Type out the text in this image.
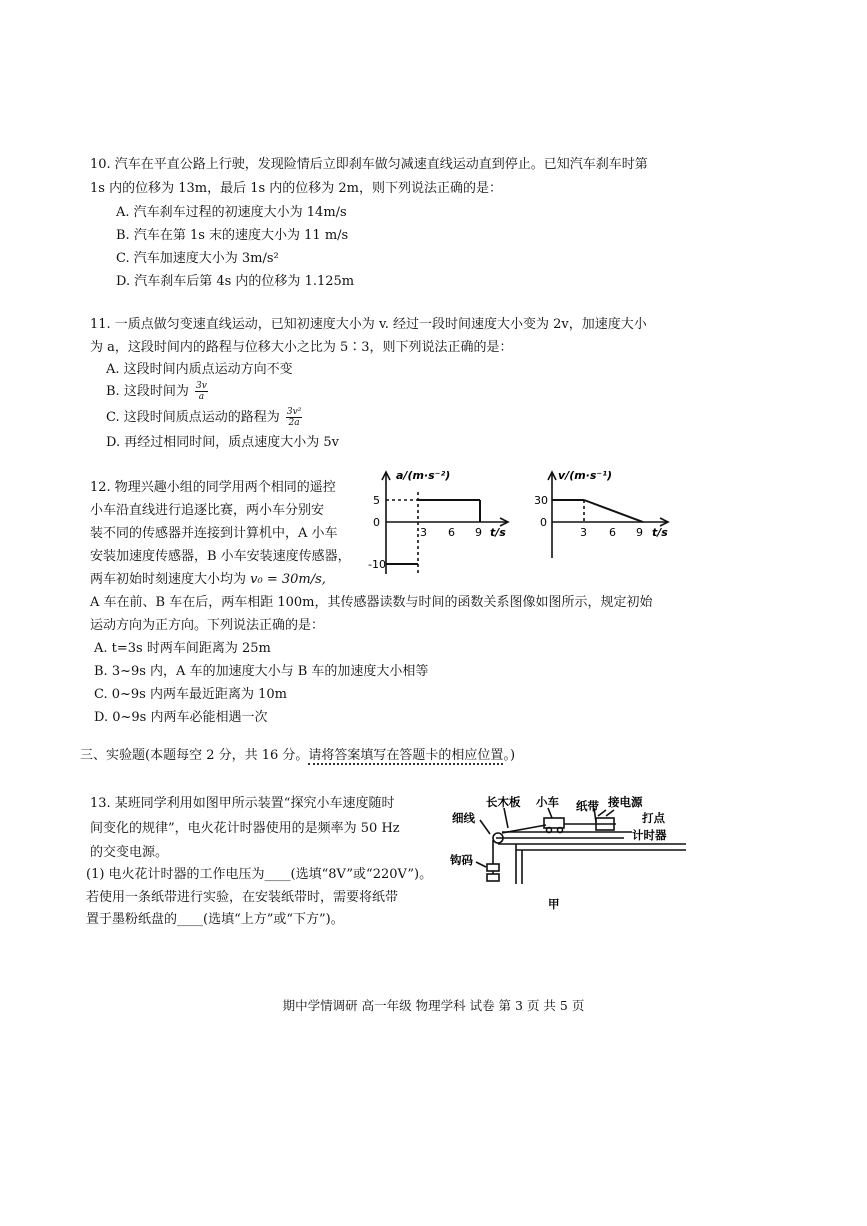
10. 汽车在平直公路上行驶，发现险情后立即刹车做匀减速直线运动直到停止。已知汽车刹车时第
1s 内的位移为 13m，最后 1s 内的位移为 2m，则下列说法正确的是：
A. 汽车刹车过程的初速度大小为 14m/s
B. 汽车在第 1s 末的速度大小为 11 m/s
C. 汽车加速度大小为 3m/s²
D. 汽车刹车后第 4s 内的位移为 1.125m
11. 一质点做匀变速直线运动，已知初速度大小为 v. 经过一段时间速度大小变为 2v，加速度大小
为 a，这段时间内的路程与位移大小之比为 5∶3，则下列说法正确的是：
A. 这段时间内质点运动方向不变
B. 这段时间为 $\frac{3v}{a}$
C. 这段时间质点运动的路程为 $\frac{\text{3v²}}{2a}$
D. 再经过相同时间，质点速度大小为 5v
12. 物理兴趣小组的同学用两个相同的遥控
小车沿直线进行追逐比赛，两小车分别安
装不同的传感器并连接到计算机中，A 小车
安装加速度传感器，B 小车安装速度传感器，
两车初始时刻速度大小均为 v₀ = 30m/s,
A 车在前、B 车在后，两车相距 100m，其传感器读数与时间的函数关系图像如图所示，规定初始
运动方向为正方向。下列说法正确的是：
A. t=3s 时两车间距离为 25m
B. 3~9s 内，A 车的加速度大小与 B 车的加速度大小相等
C. 0~9s 内两车最近距离为 10m
D. 0~9s 内两车必能相遇一次
a/(m·s⁻²)
5
0
-10
3 6 9 t/s
v/(m·s⁻¹)
30
0
3 6 9 t/s
三、实验题(本题每空 2 分，共 16 分。请将答案填写在答题卡的相应位置。)
13. 某班同学利用如图甲所示装置“探究小车速度随时
间变化的规律”，电火花计时器使用的是频率为 50 Hz
的交变电源。
(1) 电火花计时器的工作电压为____(选填“8V”或“220V”)。
若使用一条纸带进行实验，在安装纸带时，需要将纸带
置于墨粉纸盘的____(选填“上方”或“下方”)。
长木板 小车 纸带 接电源
细线	打点
计时器
钩码
甲
期中学情调研 高一年级 物理学科 试卷 第 3 页 共 5 页
